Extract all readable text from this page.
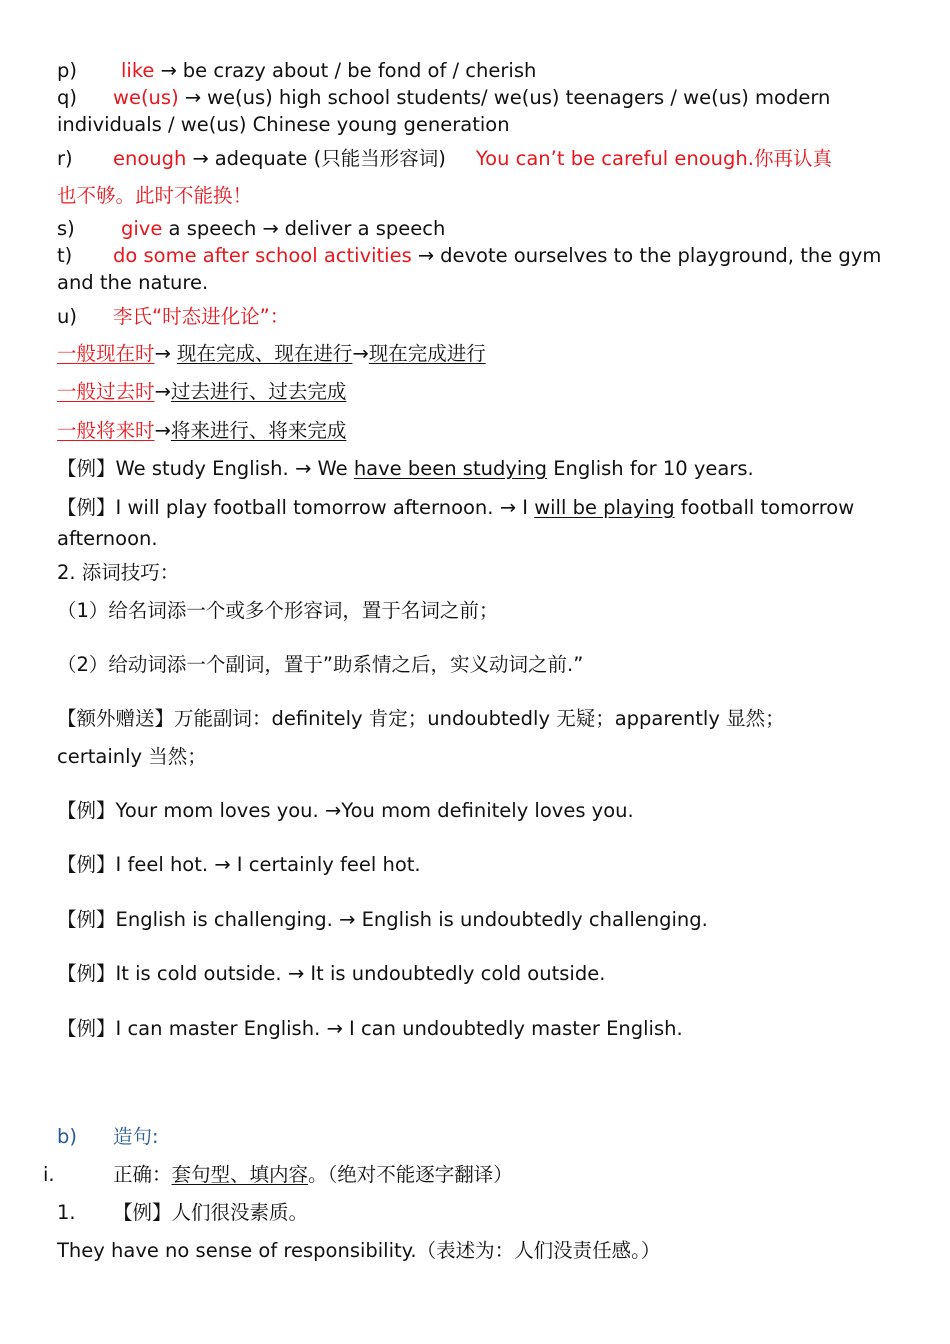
p) like → be crazy about / be fond of / cherish
q) we(us) → we(us) high school students/ we(us) teenagers / we(us) modern
individuals / we(us) Chinese young generation
r) enough → adequate (只能当形容词) You can’t be careful enough.你再认真
也不够。此时不能换！
s) give a speech → deliver a speech
t) do some after school activities → devote ourselves to the playground, the gym
and the nature.
u) 李氏“时态进化论”：
一般现在时→ 现在完成、现在进行→现在完成进行
一般过去时→过去进行、过去完成
一般将来时→将来进行、将来完成
【例】We study English. → We have been studying English for 10 years.
【例】I will play football tomorrow afternoon. → I will be playing football tomorrow
afternoon.
2. 添词技巧：
（1）给名词添一个或多个形容词，置于名词之前；
（2）给动词添一个副词，置于”助系情之后，实义动词之前.”
【额外赠送】万能副词：definitely 肯定；undoubtedly 无疑；apparently 显然；
certainly 当然；
【例】Your mom loves you. →You mom definitely loves you.
【例】I feel hot. → I certainly feel hot.
【例】English is challenging. → English is undoubtedly challenging.
【例】It is cold outside. → It is undoubtedly cold outside.
【例】I can master English. → I can undoubtedly master English.
b) 造句:
i.	正确：套句型、填内容。（绝对不能逐字翻译）
1. 【例】人们很没素质。
They have no sense of responsibility.（表述为：人们没责任感。）
